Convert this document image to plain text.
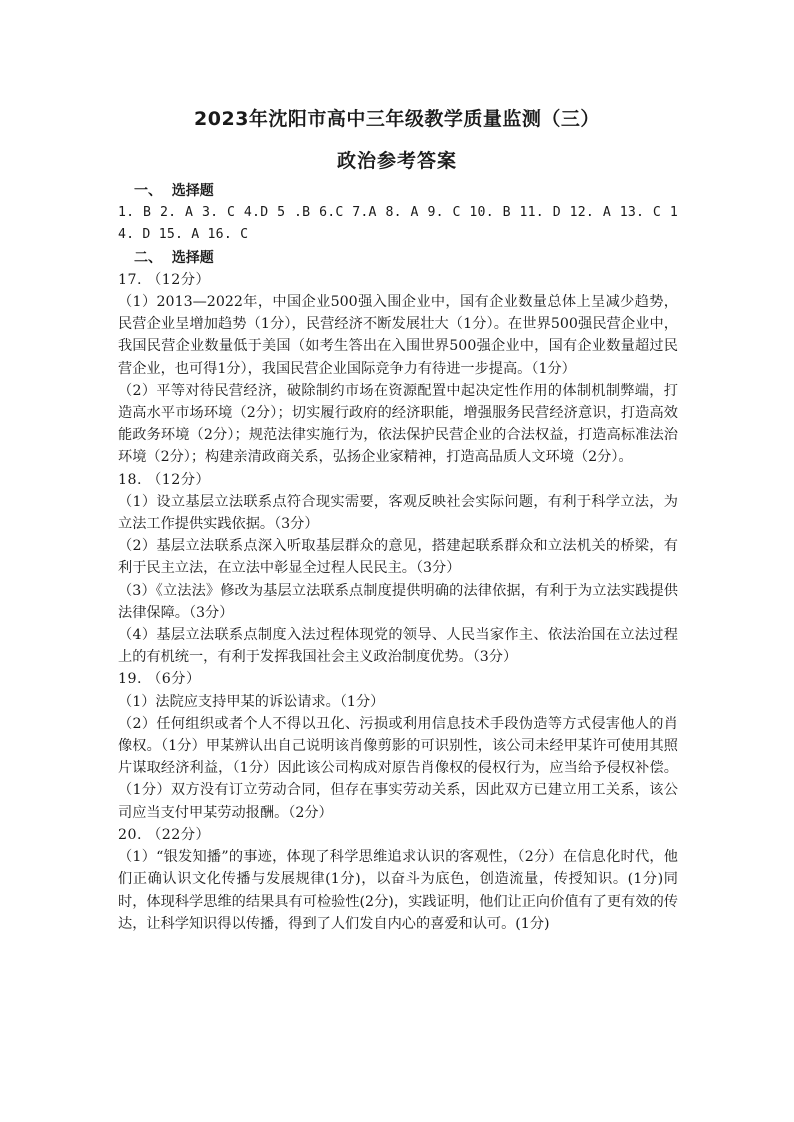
2023年沈阳市高中三年级教学质量监测（三）
政治参考答案
一、  选择题
1. B 2. A 3. C 4.D 5 .B 6.C 7.A 8. A 9. C 10. B 11. D 12. A 13. C 14. D 15. A 16. C
二、  选择题
17. （12分）
（1）2013—2022年，中国企业500强入围企业中，国有企业数量总体上呈减少趋势，民营企业呈增加趋势（1分），民营经济不断发展壮大（1分）。在世界500强民营企业中，我国民营企业数量低于美国（如考生答出在入围世界500强企业中，国有企业数量超过民营企业，也可得1分），我国民营企业国际竞争力有待进一步提高。（1分）
（2）平等对待民营经济，破除制约市场在资源配置中起决定性作用的体制机制弊端，打造高水平市场环境（2分）；切实履行政府的经济职能，增强服务民营经济意识，打造高效能政务环境（2分）；规范法律实施行为，依法保护民营企业的合法权益，打造高标准法治环境（2分）；构建亲清政商关系，弘扬企业家精神，打造高品质人文环境（2分）。
18. （12分）
（1）设立基层立法联系点符合现实需要，客观反映社会实际问题，有利于科学立法，为立法工作提供实践依据。（3分）
（2）基层立法联系点深入听取基层群众的意见，搭建起联系群众和立法机关的桥梁，有利于民主立法，在立法中彰显全过程人民民主。（3分）
（3）《立法法》修改为基层立法联系点制度提供明确的法律依据，有利于为立法实践提供法律保障。（3分）
（4）基层立法联系点制度入法过程体现党的领导、人民当家作主、依法治国在立法过程上的有机统一，有利于发挥我国社会主义政治制度优势。（3分）
19. （6分）
（1）法院应支持甲某的诉讼请求。（1分）
（2）任何组织或者个人不得以丑化、污损或利用信息技术手段伪造等方式侵害他人的肖像权。（1分）甲某辨认出自己说明该肖像剪影的可识别性，该公司未经甲某许可使用其照片谋取经济利益，（1分）因此该公司构成对原告肖像权的侵权行为，应当给予侵权补偿。（1分）双方没有订立劳动合同，但存在事实劳动关系，因此双方已建立用工关系，该公司应当支付甲某劳动报酬。（2分）
20. （22分）
（1）“银发知播”的事迹，体现了科学思维追求认识的客观性，（2分）在信息化时代，他们正确认识文化传播与发展规律(1分)，以奋斗为底色，创造流量，传授知识。(1分)同时，体现科学思维的结果具有可检验性(2分)，实践证明，他们让正向价值有了更有效的传达，让科学知识得以传播，得到了人们发自内心的喜爱和认可。(1分)
